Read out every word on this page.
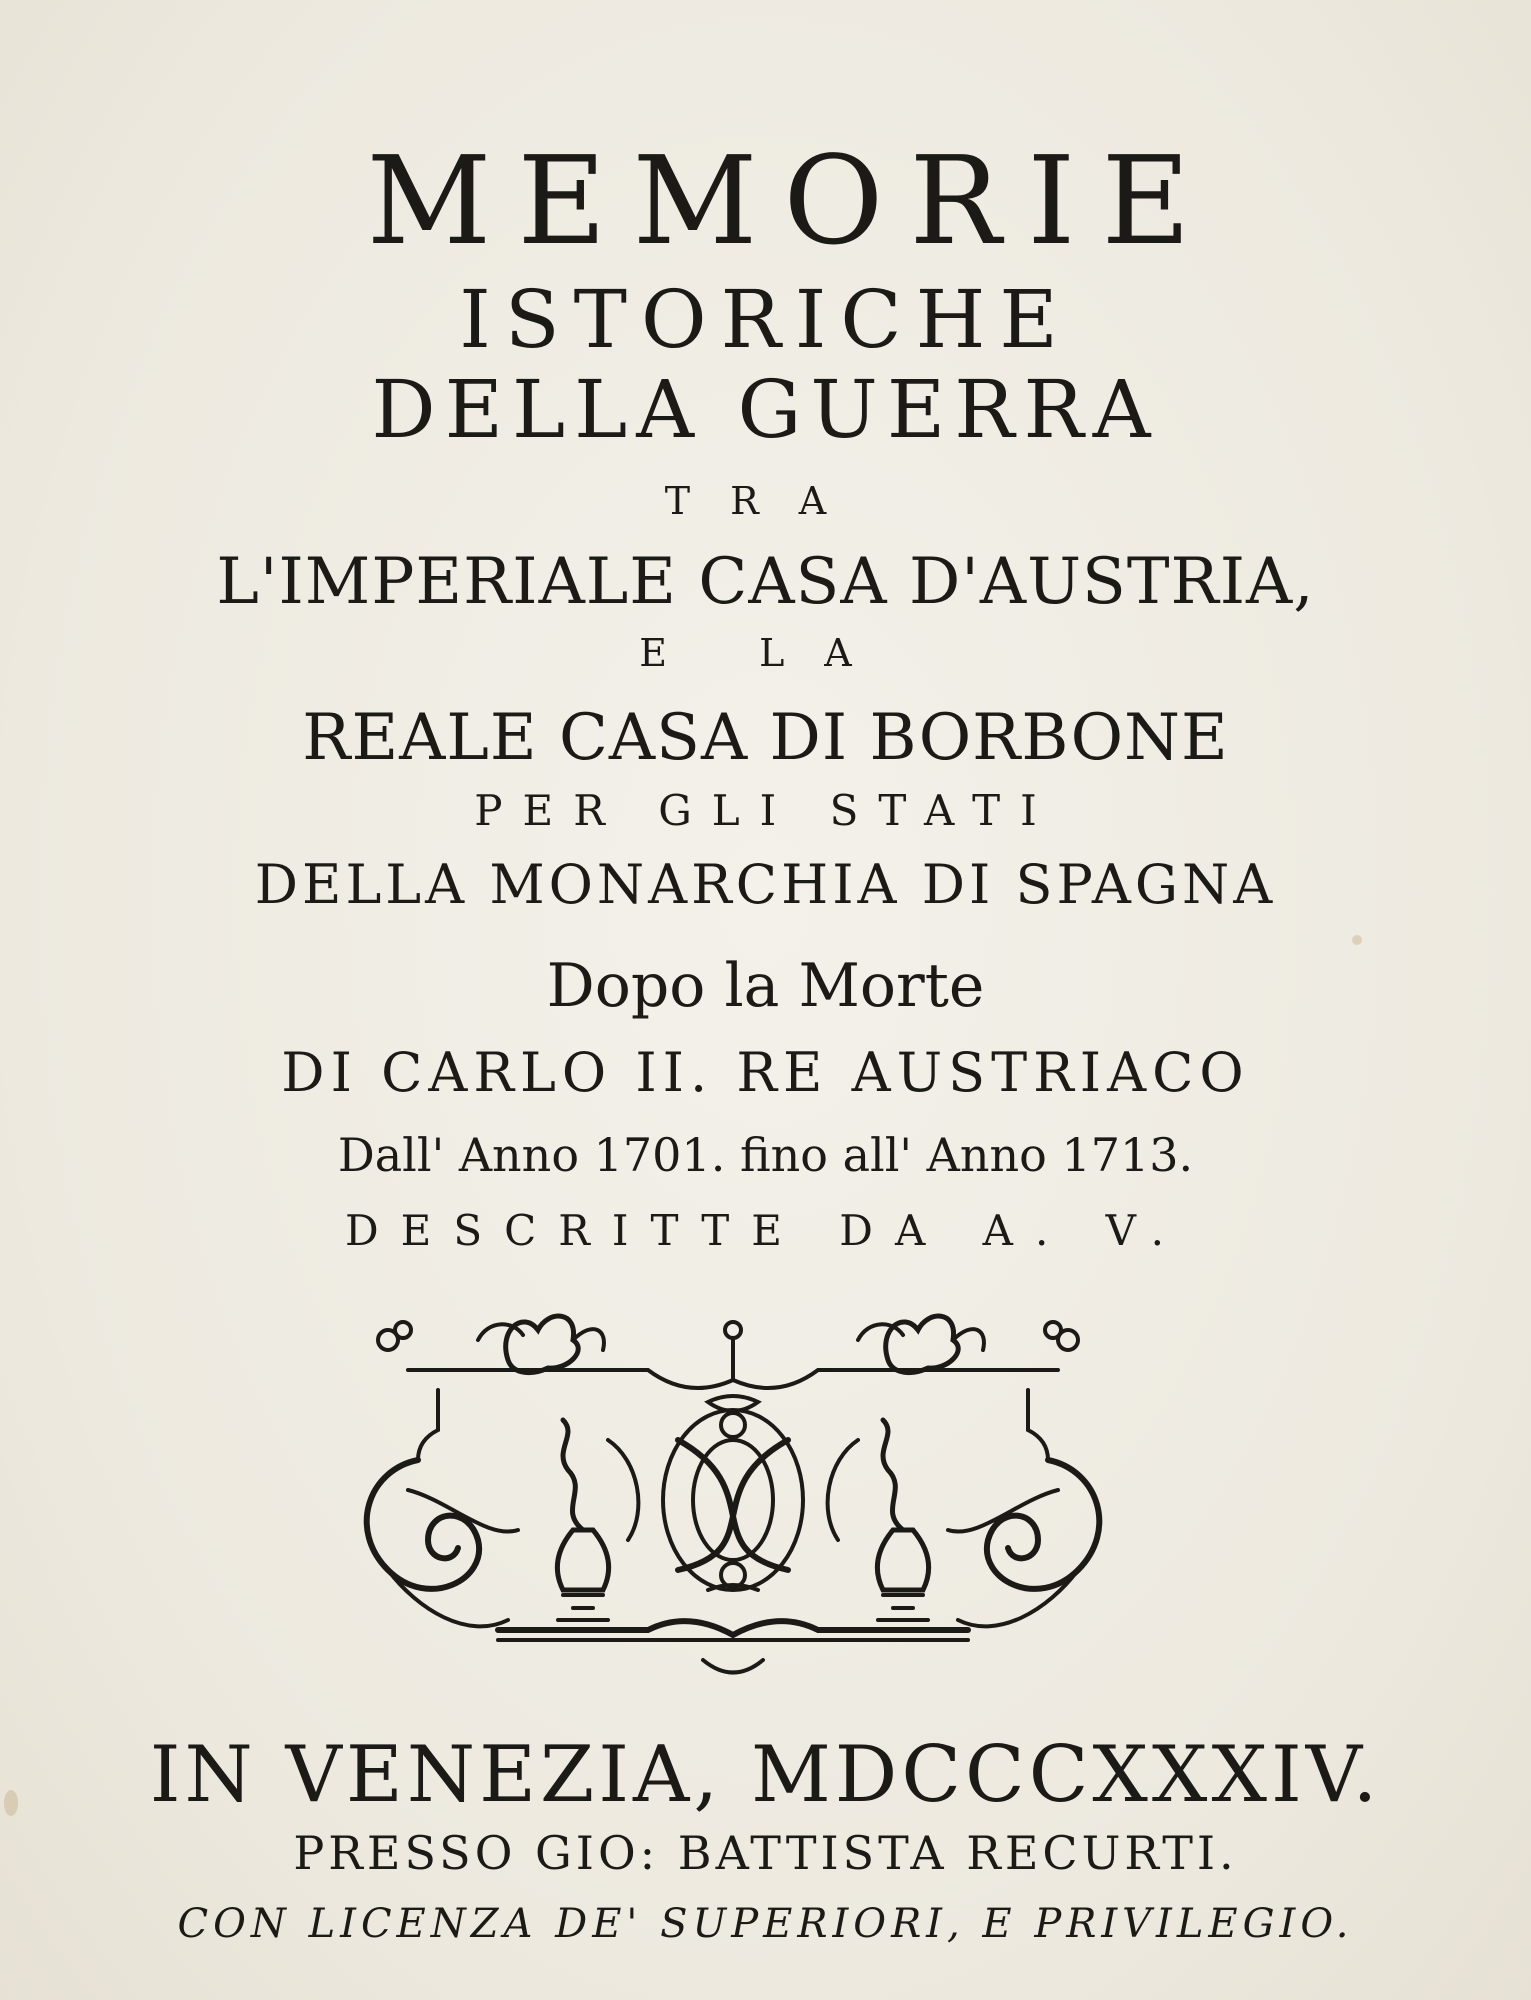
MEMORIE
ISTORICHE
DELLA GUERRA
TRA
L'IMPERIALE CASA D'AUSTRIA,
E LA
REALE CASA DI BORBONE
PER GLI STATI
DELLA MONARCHIA DI SPAGNA
Dopo la Morte
DI CARLO II. RE AUSTRIACO
Dall' Anno 1701. fino all' Anno 1713.
DESCRITTE DA A. V.
IN VENEZIA, MDCCCXXXIV.
PRESSO GIO: BATTISTA RECURTI.
CON LICENZA DE' SUPERIORI, E PRIVILEGIO.
